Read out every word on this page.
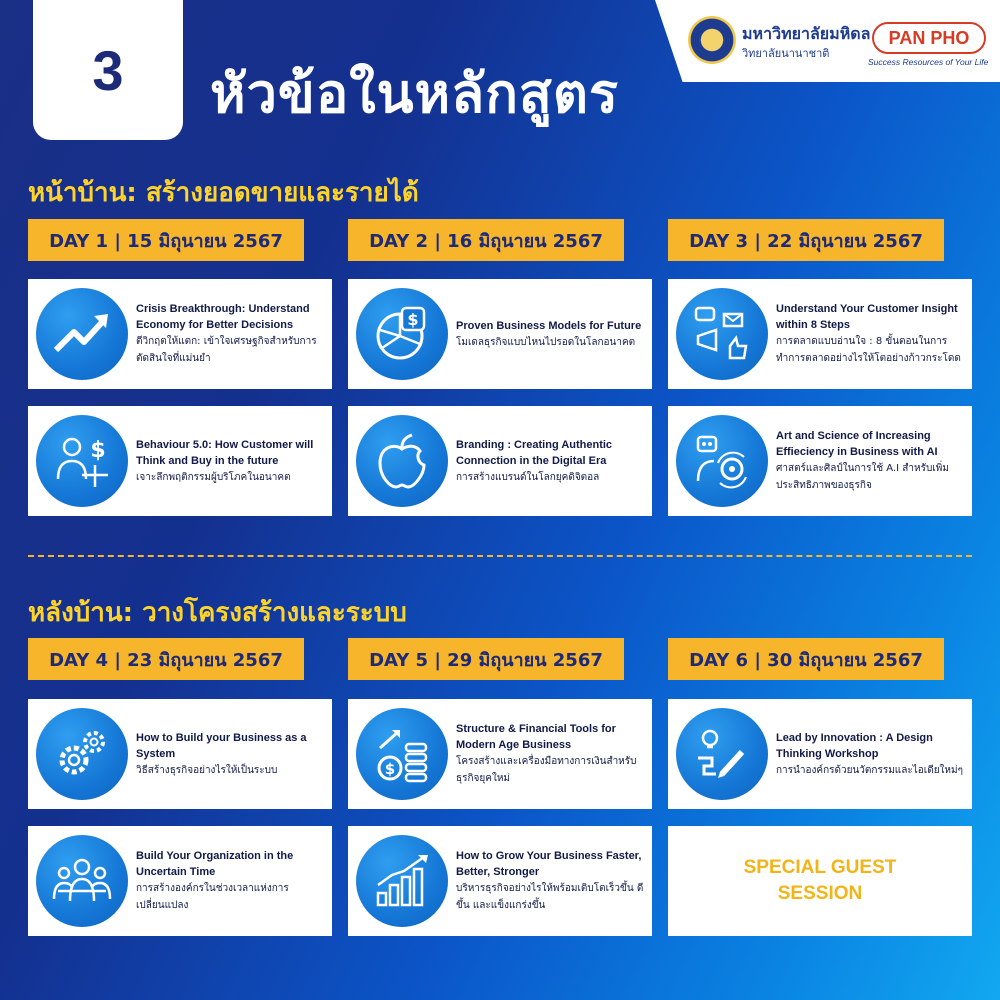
3 หัวข้อในหลักสูตร
มหาวิทยาลัยมหิดล
วิทยาลัยนานาชาติ
PAN PHO
Success Resources of Your Life
หน้าบ้าน: สร้างยอดขายและรายได้
DAY 1 | 15 มิถุนายน 2567	DAY 2 | 16 มิถุนายน 2567	DAY 3 | 22 มิถุนายน 2567
Crisis Breakthrough: Understand Economy for Better Decisions
ตีวิกฤตให้แตก: เข้าใจเศรษฐกิจสำหรับการตัดสินใจที่แม่นยำ
$	Proven Business Models for Future
โมเดลธุรกิจแบบไหนไปรอดในโลกอนาคต
Understand Your Customer Insight within 8 Steps
การตลาดแบบอ่านใจ : 8 ขั้นตอนในการทำการตลาดอย่างไรให้โตอย่างก้าวกระโดด
$	Behaviour 5.0: How Customer will Think and Buy in the future
เจาะลึกพฤติกรรมผู้บริโภคในอนาคต
Branding : Creating Authentic Connection in the Digital Era
การสร้างแบรนด์ในโลกยุคดิจิตอล
Art and Science of Increasing Effieciency in Business with AI
ศาสตร์และศิลป์ในการใช้ A.I สำหรับเพิ่มประสิทธิภาพของธุรกิจ
หลังบ้าน: วางโครงสร้างและระบบ
DAY 4 | 23 มิถุนายน 2567	DAY 5 | 29 มิถุนายน 2567	DAY 6 | 30 มิถุนายน 2567
How to Build your Business as a System
วิธีสร้างธุรกิจอย่างไรให้เป็นระบบ	$
Structure & Financial Tools for Modern Age Business
โครงสร้างและเครื่องมือทางการเงินสำหรับธุรกิจยุคใหม่
Lead by Innovation : A Design Thinking Workshop
การนำองค์กรด้วยนวัตกรรมและไอเดียใหม่ๆ
Build Your Organization in the Uncertain Time
การสร้างองค์กรในช่วงเวลาแห่งการเปลี่ยนแปลง
How to Grow Your Business Faster, Better, Stronger
บริหารธุรกิจอย่างไรให้พร้อมเติบโตเร็วขึ้น ดีขึ้น และแข็งแกร่งขึ้น
SPECIAL GUEST
SESSION
